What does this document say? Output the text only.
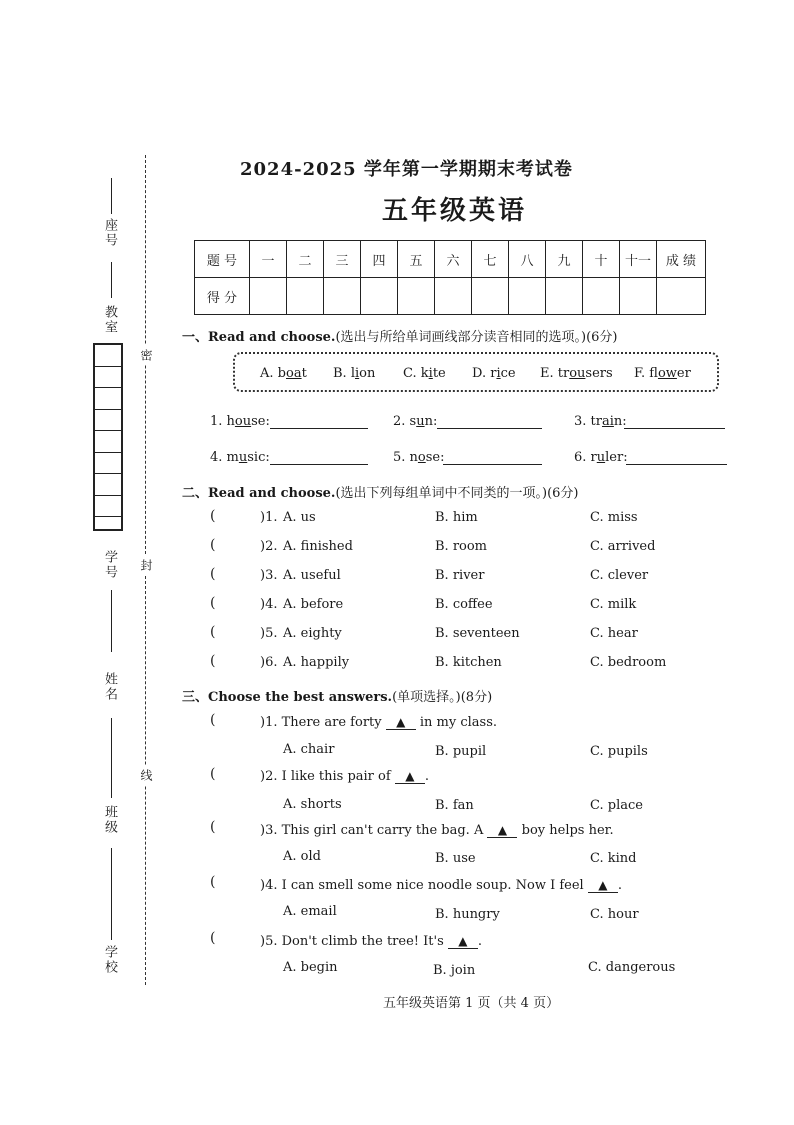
座号
教室
学号
姓名
班级
学校
密
封
线
2024-2025 学年第一学期期末考试卷
五年级英语
题 号	一	二	三	四	五	六	七	八	九	十	十一	成 绩
得 分												
一、Read and choose.(选出与所给单词画线部分读音相同的选项。)(6分)
A. boat B. lion C. kite D. rice E. trousers F. flower
1. house:	2. sun:	3. train:
4. music:	5. nose:	6. ruler:
二、Read and choose.(选出下列每组单词中不同类的一项。)(6分)
(	)1. A. us	B. him	C. miss
(	)2. A. finished	B. room	C. arrived
(	)3. A. useful	B. river	C. clever
(	)4. A. before	B. coffee	C. milk
(	)5. A. eighty	B. seventeen	C. hear
(	)6. A. happily	B. kitchen	C. bedroom
三、Choose the best answers.(单项选择。)(8分)
(	)1. There are forty ▲ in my class.
A. chair	B. pupil	C. pupils
(	)2. I like this pair of ▲ .
A. shorts	B. fan	C. place
(	)3. This girl can't carry the bag. A ▲ boy helps her.
A. old	B. use	C. kind
(	)4. I can smell some nice noodle soup. Now I feel ▲ .
A. email	B. hungry	C. hour
(	)5. Don't climb the tree! It's ▲ .
A. begin	B. join	C. dangerous
五年级英语第 1 页（共 4 页）
